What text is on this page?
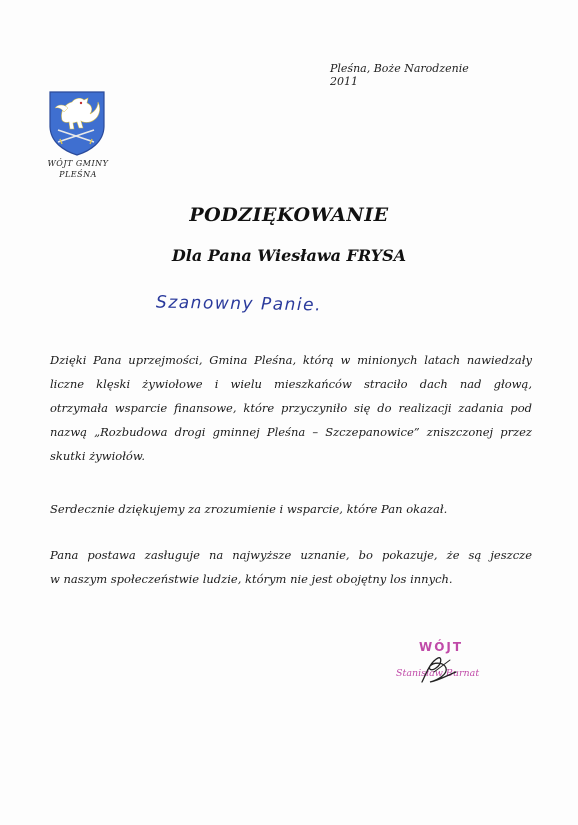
Pleśna, Boże Narodzenie 2011
WÓJT GMINY
PLEŚNA
PODZIĘKOWANIE
Dla Pana Wiesława FRYSA
Szanowny Panie.
Dzięki Pana uprzejmości, Gmina Pleśna, którą w minionych latach nawiedzały
liczne klęski żywiołowe i wielu mieszkańców straciło dach nad głową,
otrzymała wsparcie finansowe, które przyczyniło się do realizacji zadania pod
nazwą „Rozbudowa drogi gminnej Pleśna – Szczepanowice” zniszczonej przez
skutki żywiołów.
Serdecznie dziękujemy za zrozumienie i wsparcie, które Pan okazał.
Pana postawa zasługuje na najwyższe uznanie, bo pokazuje, że są jeszcze
w naszym społeczeństwie ludzie, którym nie jest obojętny los innych.
WÓJT
Stanisław Burnat
